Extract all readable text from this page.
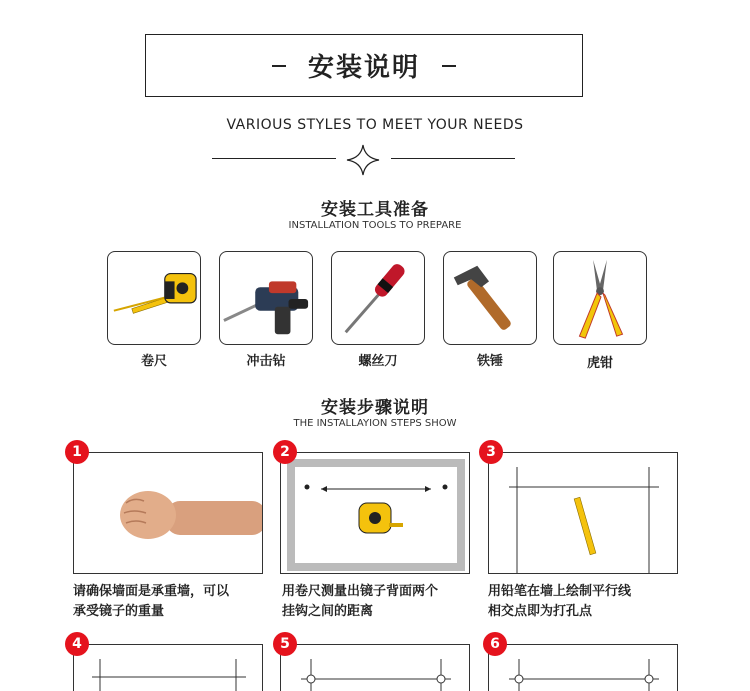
安装说明
VARIOUS STYLES TO MEET YOUR NEEDS
安装工具准备
INSTALLATION TOOLS TO PREPARE
卷尺	冲击钻	螺丝刀	铁锤	虎钳
安装步骤说明
THE INSTALLAYION STEPS SHOW
1
请确保墙面是承重墙，可以
承受镜子的重量
2
用卷尺测量出镜子背面两个
挂钩之间的距离
3
用铅笔在墙上绘制平行线
相交点即为打孔点
4	5	6
